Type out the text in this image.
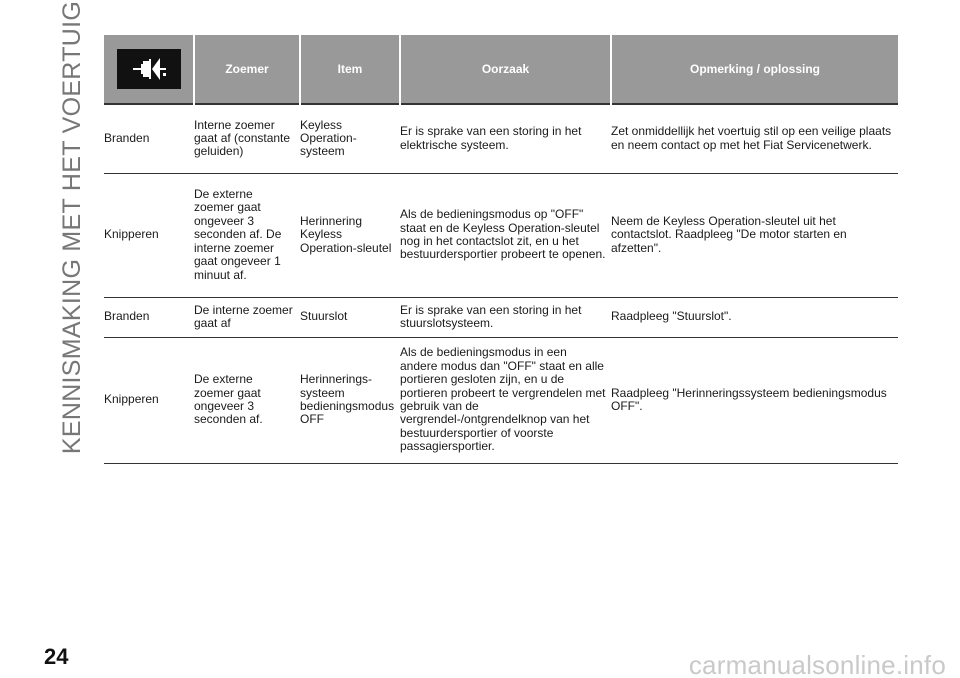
KENNISMAKING MET HET VOERTUIG
		Zoemer	Item	Oorzaak	Opmerking / oplossing
Branden	Interne zoemer gaat af (constante geluiden)	Keyless Operation-systeem	Er is sprake van een storing in het elektrische systeem.	Zet onmiddellijk het voertuig stil op een veilige plaats en neem contact op met het Fiat Servicenetwerk.
Knipperen	De externe zoemer gaat ongeveer 3 seconden af. De interne zoemer gaat ongeveer 1 minuut af.	Herinnering Keyless Operation-sleutel	Als de bedieningsmodus op "OFF" staat en de Keyless Operation-sleutel nog in het contactslot zit, en u het bestuurdersportier probeert te openen.	Neem de Keyless Operation-sleutel uit het contactslot. Raadpleeg "De motor starten en afzetten".
Branden	De interne zoemer gaat af	Stuurslot	Er is sprake van een storing in het stuurslotsysteem.	Raadpleeg "Stuurslot".
Knipperen	De externe zoemer gaat ongeveer 3 seconden af.	Herinnerings-systeem bedieningsmodus OFF	Als de bedieningsmodus in een andere modus dan "OFF" staat en alle portieren gesloten zijn, en u de portieren probeert te vergrendelen met gebruik van de vergrendel-/ontgrendelknop van het bestuurdersportier of voorste passagiersportier.	Raadpleeg "Herinneringssysteem bedieningsmodus OFF".
24	carmanualsonline.info
